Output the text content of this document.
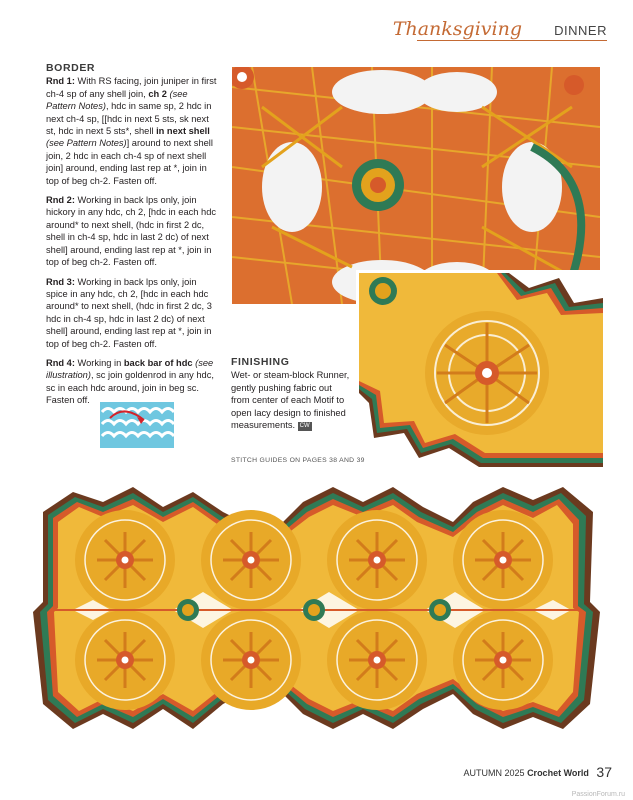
Thanksgiving DINNER
BORDER

Rnd 1: With RS facing, join juniper in first ch-4 sp of any shell join, ch 2 (see Pattern Notes), hdc in same sp, 2 hdc in next ch-4 sp, [[hdc in next 5 sts, sk next st, hdc in next 5 sts*, shell in next shell (see Pattern Notes)] around to next shell join, 2 hdc in each ch-4 sp of next shell join] around, ending last rep at *, join in top of beg ch-2. Fasten off.

Rnd 2: Working in back lps only, join hickory in any hdc, ch 2, [hdc in each hdc around* to next shell, (hdc in first 2 dc, shell in ch-4 sp, hdc in last 2 dc) of next shell] around, ending last rep at *, join in top of beg ch-2. Fasten off.

Rnd 3: Working in back lps only, join spice in any hdc, ch 2, [hdc in each hdc around* to next shell, (hdc in first 2 dc, 3 hdc in ch-4 sp, hdc in last 2 dc) of next shell] around, ending last rep at *, join in top of beg ch-2. Fasten off.

Rnd 4: Working in back bar of hdc (see illustration), sc join goldenrod in any hdc, sc in each hdc around, join in beg sc. Fasten off.

FINISHING

Wet- or steam-block Runner, gently pushing fabric out from center of each Motif to open lacy design to finished measurements. CW

STITCH GUIDES ON PAGES 38 AND 39
AUTUMN 2025 Crochet World 37
PassionForum.ru
